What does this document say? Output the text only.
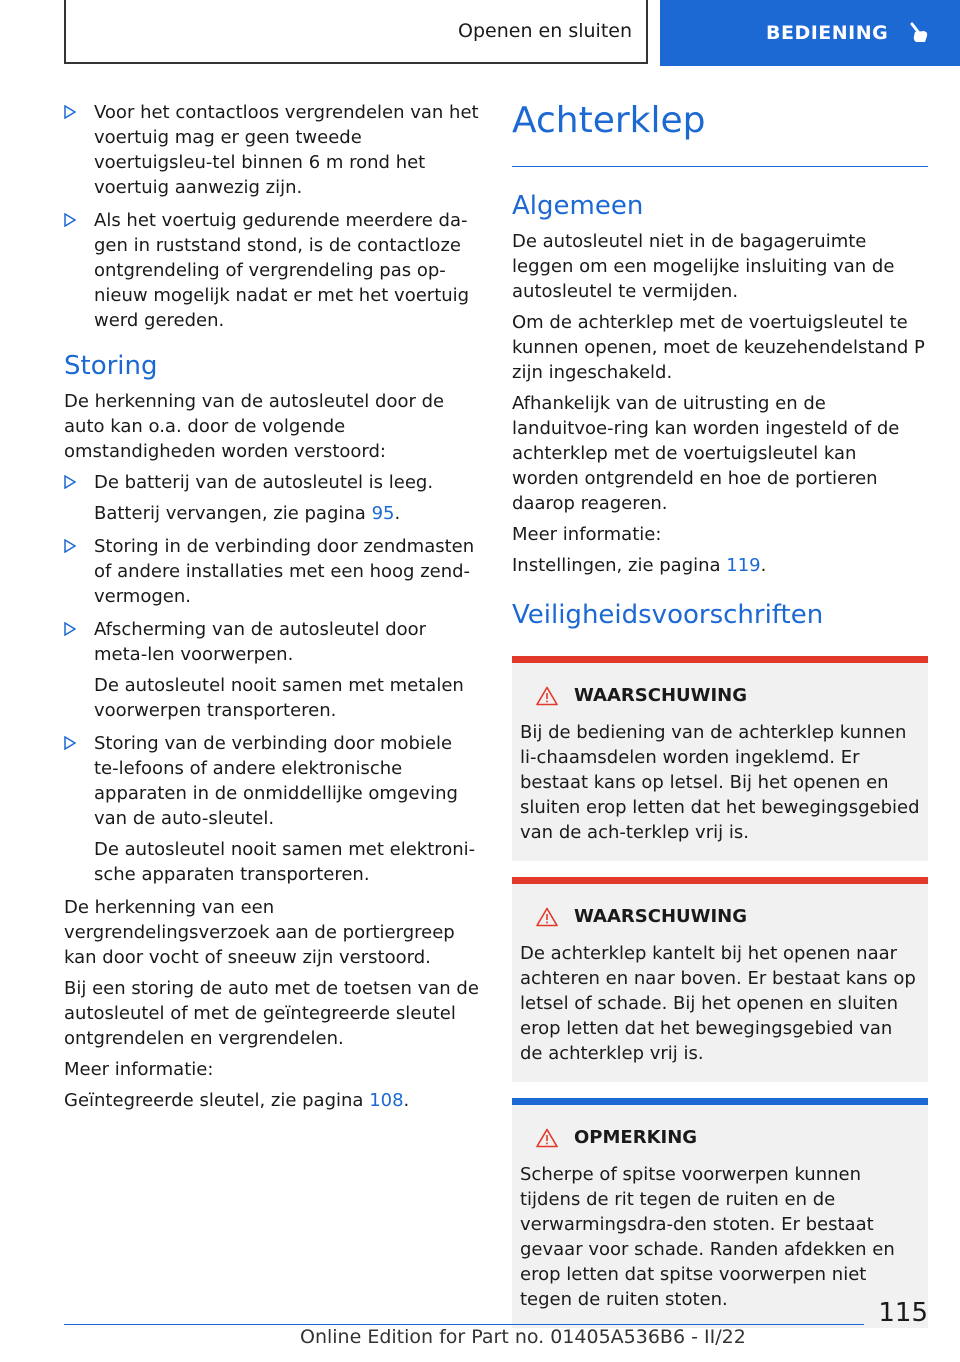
Openen en sluiten	BEDIENING
Voor het contactloos vergrendelen van het voertuig mag er geen tweede voertuigsleu-tel binnen 6 m rond het voertuig aanwezig zijn.
Als het voertuig gedurende meerdere da-gen in ruststand stond, is de contactloze ontgrendeling of vergrendeling pas op-nieuw mogelijk nadat er met het voertuig werd gereden.
Storing

De herkenning van de autosleutel door de auto kan o.a. door de volgende omstandigheden worden verstoord:

De batterij van de autosleutel is leeg.
Batterij vervangen, zie pagina 95.
Storing in de verbinding door zendmasten of andere installaties met een hoog zend-vermogen.
Afscherming van de autosleutel door meta-len voorwerpen.
De autosleutel nooit samen met metalen voorwerpen transporteren.
Storing van de verbinding door mobiele te-lefoons of andere elektronische apparaten in de onmiddellijke omgeving van de auto-sleutel.
De autosleutel nooit samen met elektroni-sche apparaten transporteren.

De herkenning van een vergrendelingsverzoek aan de portiergreep kan door vocht of sneeuw zijn verstoord.

Bij een storing de auto met de toetsen van de autosleutel of met de geïntegreerde sleutel ontgrendelen en vergrendelen.

Meer informatie:

Geïntegreerde sleutel, zie pagina 108.

Achterklep
Algemeen

De autosleutel niet in de bagageruimte leggen om een mogelijke insluiting van de autosleutel te vermijden.

Om de achterklep met de voertuigsleutel te kunnen openen, moet de keuzehendelstand P zijn ingeschakeld.

Afhankelijk van de uitrusting en de landuitvoe-ring kan worden ingesteld of de achterklep met de voertuigsleutel kan worden ontgrendeld en hoe de portieren daarop reageren.

Meer informatie:

Instellingen, zie pagina 119.

Veiligheidsvoorschriften
WAARSCHUWING
Bij de bediening van de achterklep kunnen li-chaamsdelen worden ingeklemd. Er bestaat kans op letsel. Bij het openen en sluiten erop letten dat het bewegingsgebied van de ach-terklep vrij is.
WAARSCHUWING
De achterklep kantelt bij het openen naar achteren en naar boven. Er bestaat kans op letsel of schade. Bij het openen en sluiten erop letten dat het bewegingsgebied van de achterklep vrij is.
OPMERKING
Scherpe of spitse voorwerpen kunnen tijdens de rit tegen de ruiten en de verwarmingsdra-den stoten. Er bestaat gevaar voor schade. Randen afdekken en erop letten dat spitse voorwerpen niet tegen de ruiten stoten.	115
Online Edition for Part no. 01405A536B6 - II/22
